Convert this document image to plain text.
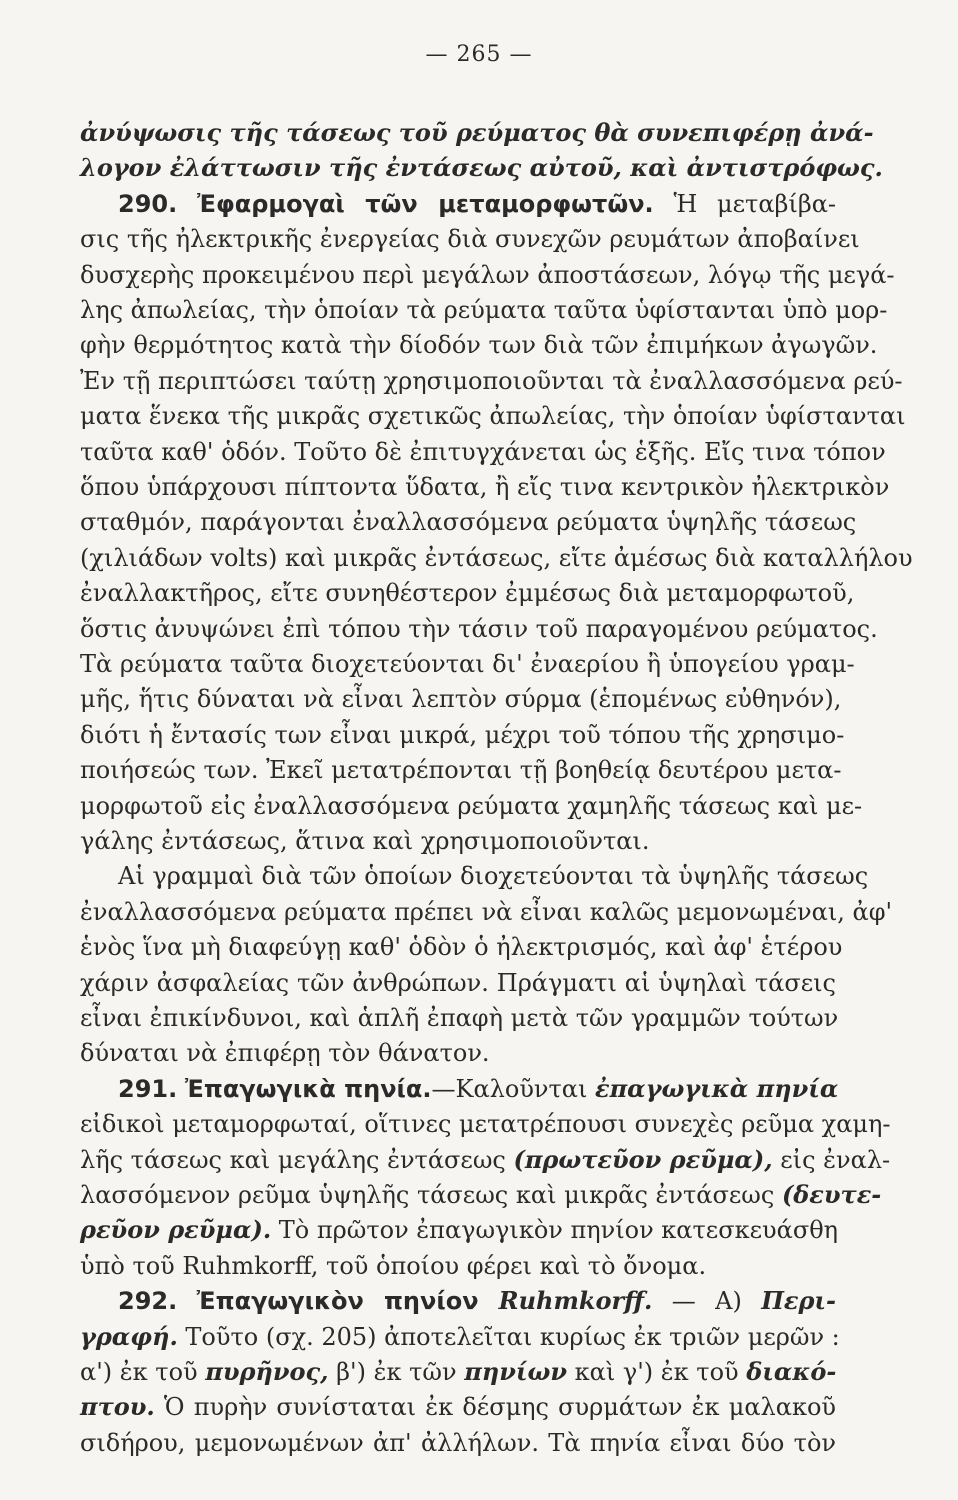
— 265 —
ἀνύψωσις τῆς τάσεως τοῦ ρεύματος θὰ συνεπιφέρῃ ἀνά-
λογον ἐλάττωσιν τῆς ἐντάσεως αὐτοῦ, καὶ ἀντιστρόφως.
290. Ἐφαρμογαὶ τῶν μεταμορφωτῶν. Ἡ μεταβίβα-
σις τῆς ἠλεκτρικῆς ἐνεργείας διὰ συνεχῶν ρευμάτων ἀποβαίνει
δυσχερὴς προκειμένου περὶ μεγάλων ἀποστάσεων, λόγῳ τῆς μεγά-
λης ἀπωλείας, τὴν ὁποίαν τὰ ρεύματα ταῦτα ὑφίστανται ὑπὸ μορ-
φὴν θερμότητος κατὰ τὴν δίοδόν των διὰ τῶν ἐπιμήκων ἀγωγῶν.
Ἐν τῇ περιπτώσει ταύτῃ χρησιμοποιοῦνται τὰ ἐναλλασσόμενα ρεύ-
ματα ἕνεκα τῆς μικρᾶς σχετικῶς ἀπωλείας, τὴν ὁποίαν ὑφίστανται
ταῦτα καθ' ὁδόν. Τοῦτο δὲ ἐπιτυγχάνεται ὡς ἑξῆς. Εἴς τινα τόπον
ὅπου ὑπάρχουσι πίπτοντα ὕδατα, ἢ εἴς τινα κεντρικὸν ἠλεκτρικὸν
σταθμόν, παράγονται ἐναλλασσόμενα ρεύματα ὑψηλῆς τάσεως
(χιλιάδων volts) καὶ μικρᾶς ἐντάσεως, εἴτε ἀμέσως διὰ καταλλήλου
ἐναλλακτῆρος, εἴτε συνηθέστερον ἐμμέσως διὰ μεταμορφωτοῦ,
ὅστις ἀνυψώνει ἐπὶ τόπου τὴν τάσιν τοῦ παραγομένου ρεύματος.
Τὰ ρεύματα ταῦτα διοχετεύονται δι' ἐναερίου ἢ ὑπογείου γραμ-
μῆς, ἥτις δύναται νὰ εἶναι λεπτὸν σύρμα (ἑπομένως εὐθηνόν),
διότι ἡ ἔντασίς των εἶναι μικρά, μέχρι τοῦ τόπου τῆς χρησιμο-
ποιήσεώς των. Ἐκεῖ μετατρέπονται τῇ βοηθείᾳ δευτέρου μετα-
μορφωτοῦ εἰς ἐναλλασσόμενα ρεύματα χαμηλῆς τάσεως καὶ με-
γάλης ἐντάσεως, ἅτινα καὶ χρησιμοποιοῦνται.
Αἱ γραμμαὶ διὰ τῶν ὁποίων διοχετεύονται τὰ ὑψηλῆς τάσεως
ἐναλλασσόμενα ρεύματα πρέπει νὰ εἶναι καλῶς μεμονωμέναι, ἀφ'
ἑνὸς ἵνα μὴ διαφεύγῃ καθ' ὁδὸν ὁ ἠλεκτρισμός, καὶ ἀφ' ἑτέρου
χάριν ἀσφαλείας τῶν ἀνθρώπων. Πράγματι αἱ ὑψηλαὶ τάσεις
εἶναι ἐπικίνδυνοι, καὶ ἁπλῆ ἐπαφὴ μετὰ τῶν γραμμῶν τούτων
δύναται νὰ ἐπιφέρῃ τὸν θάνατον.
291. Ἐπαγωγικὰ πηνία.—Καλοῦνται ἐπαγωγικὰ πηνία
εἰδικοὶ μεταμορφωταί, οἵτινες μετατρέπουσι συνεχὲς ρεῦμα χαμη-
λῆς τάσεως καὶ μεγάλης ἐντάσεως (πρωτεῦον ρεῦμα), εἰς ἐναλ-
λασσόμενον ρεῦμα ὑψηλῆς τάσεως καὶ μικρᾶς ἐντάσεως (δευτε-
ρεῦον ρεῦμα). Τὸ πρῶτον ἐπαγωγικὸν πηνίον κατεσκευάσθη
ὑπὸ τοῦ Ruhmkorff, τοῦ ὁποίου φέρει καὶ τὸ ὄνομα.
292. Ἐπαγωγικὸν πηνίον Ruhmkorff. — Α) Περι-
γραφή. Τοῦτο (σχ. 205) ἀποτελεῖται κυρίως ἐκ τριῶν μερῶν :
α') ἐκ τοῦ πυρῆνος, β') ἐκ τῶν πηνίων καὶ γ') ἐκ τοῦ διακό-
πτου. Ὁ πυρὴν συνίσταται ἐκ δέσμης συρμάτων ἐκ μαλακοῦ
σιδήρου, μεμονωμένων ἀπ' ἀλλήλων. Τὰ πηνία εἶναι δύο τὸν
